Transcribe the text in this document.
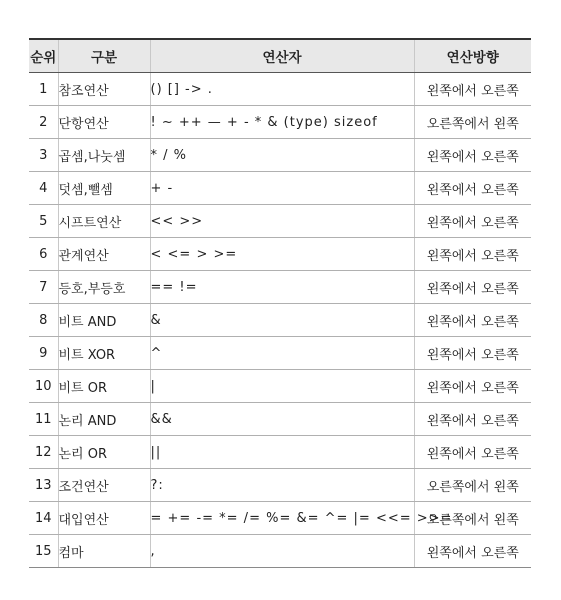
순위	구분	연산자	연산방향
1	참조연산	() [] -> .	왼쪽에서 오른쪽
2	단항연산	! ~ ++ — + - * & (type) sizeof	오른쪽에서 왼쪽
3	곱셈,나눗셈	* / %	왼쪽에서 오른쪽
4	덧셈,뺄셈	+ -	왼쪽에서 오른쪽
5	시프트연산	<< >>	왼쪽에서 오른쪽
6	관계연산	< <= > >=	왼쪽에서 오른쪽
7	등호,부등호	== !=	왼쪽에서 오른쪽
8	비트 AND	&	왼쪽에서 오른쪽
9	비트 XOR	^	왼쪽에서 오른쪽
10	비트 OR	|	왼쪽에서 오른쪽
11	논리 AND	&&	왼쪽에서 오른쪽
12	논리 OR	||	왼쪽에서 오른쪽
13	조건연산	?:	오른쪽에서 왼쪽
14	대입연산	= += -= *= /= %= &= ^= |= <<= >>=	오른쪽에서 왼쪽
15	컴마	,	왼쪽에서 오른쪽
